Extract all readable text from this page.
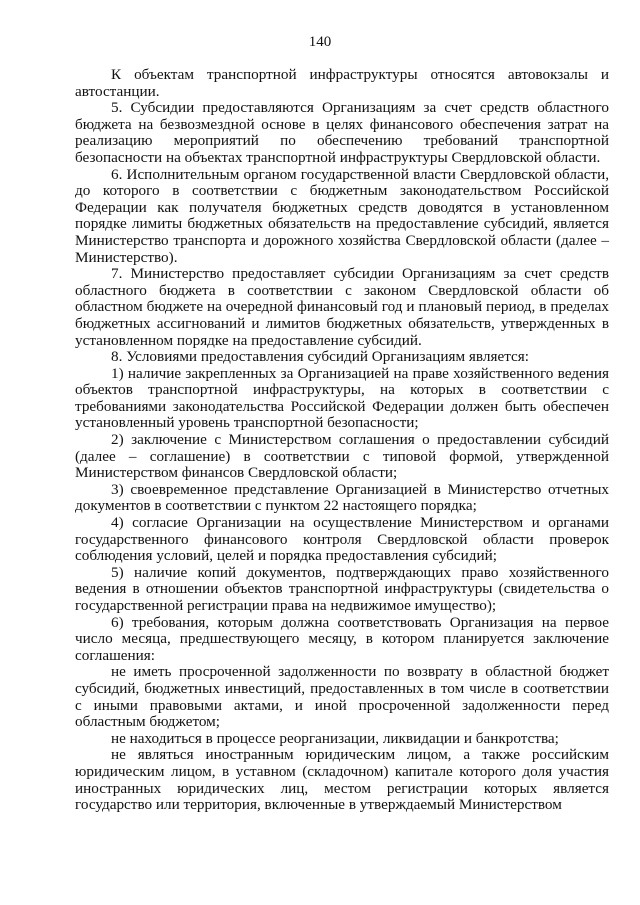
140

К объектам транспортной инфраструктуры относятся автовокзалы и автостанции.

5. Субсидии предоставляются Организациям за счет средств областного бюджета на безвозмездной основе в целях финансового обеспечения затрат на реализацию мероприятий по обеспечению требований транспортной безопасности на объектах транспортной инфраструктуры Свердловской области.

6. Исполнительным органом государственной власти Свердловской области, до которого в соответствии с бюджетным законодательством Российской Федерации как получателя бюджетных средств доводятся в установленном порядке лимиты бюджетных обязательств на предоставление субсидий, является Министерство транспорта и дорожного хозяйства Свердловской области (далее – Министерство).

7. Министерство предоставляет субсидии Организациям за счет средств областного бюджета в соответствии с законом Свердловской области об областном бюджете на очередной финансовый год и плановый период, в пределах бюджетных ассигнований и лимитов бюджетных обязательств, утвержденных в установленном порядке на предоставление субсидий.

8. Условиями предоставления субсидий Организациям является:

1) наличие закрепленных за Организацией на праве хозяйственного ведения объектов транспортной инфраструктуры, на которых в соответствии с требованиями законодательства Российской Федерации должен быть обеспечен установленный уровень транспортной безопасности;

2) заключение с Министерством соглашения о предоставлении субсидий (далее – соглашение) в соответствии с типовой формой, утвержденной Министерством финансов Свердловской области;

3) своевременное представление Организацией в Министерство отчетных документов в соответствии с пунктом 22 настоящего порядка;

4) согласие Организации на осуществление Министерством и органами государственного финансового контроля Свердловской области проверок соблюдения условий, целей и порядка предоставления субсидий;

5) наличие копий документов, подтверждающих право хозяйственного ведения в отношении объектов транспортной инфраструктуры (свидетельства о государственной регистрации права на недвижимое имущество);

6) требования, которым должна соответствовать Организация на первое число месяца, предшествующего месяцу, в котором планируется заключение соглашения:

не иметь просроченной задолженности по возврату в областной бюджет субсидий, бюджетных инвестиций, предоставленных в том числе в соответствии с иными правовыми актами, и иной просроченной задолженности перед областным бюджетом;

не находиться в процессе реорганизации, ликвидации и банкротства;

не являться иностранным юридическим лицом, а также российским юридическим лицом, в уставном (складочном) капитале которого доля участия иностранных юридических лиц, местом регистрации которых является государство или территория, включенные в утверждаемый Министерством
